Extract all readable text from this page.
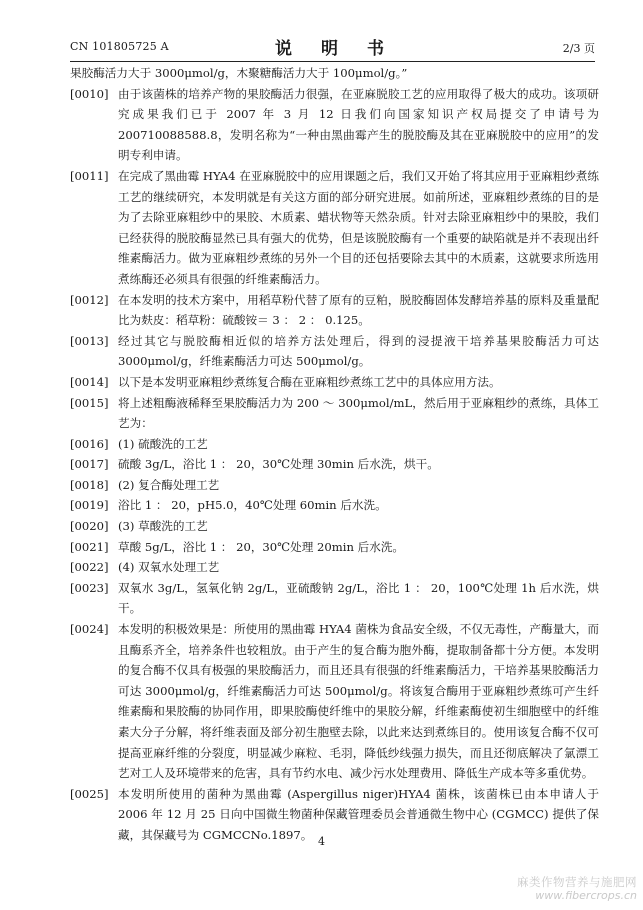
CN 101805725 A	说　明　书	2/3 页

果胶酶活力大于 3000μmol/g，木聚糖酶活力大于 100μmol/g。”

[0010] 由于该菌株的培养产物的果胶酶活力很强，在亚麻脱胶工艺的应用取得了极大的成功。该项研究成果我们已于 2007 年 3 月 12 日我们向国家知识产权局提交了申请号为 200710088588.8，发明名称为“一种由黑曲霉产生的脱胶酶及其在亚麻脱胶中的应用”的发明专利申请。
[0011] 在完成了黑曲霉 HYA4 在亚麻脱胶中的应用课题之后，我们又开始了将其应用于亚麻粗纱煮练工艺的继续研究，本发明就是有关这方面的部分研究进展。如前所述，亚麻粗纱煮练的目的是为了去除亚麻粗纱中的果胶、木质素、蜡状物等天然杂质。针对去除亚麻粗纱中的果胶，我们已经获得的脱胶酶显然已具有强大的优势，但是该脱胶酶有一个重要的缺陷就是并不表现出纤维素酶活力。做为亚麻粗纱煮练的另外一个目的还包括要除去其中的木质素，这就要求所选用煮练酶还必须具有很强的纤维素酶活力。
[0012] 在本发明的技术方案中，用稻草粉代替了原有的豆粕，脱胶酶固体发酵培养基的原料及重量配比为麸皮：稻草粉：硫酸铵＝ 3 ： 2 ： 0.125。
[0013] 经过其它与脱胶酶相近似的培养方法处理后，得到的浸提液干培养基果胶酶活力可达 3000μmol/g，纤维素酶活力可达 500μmol/g。
[0014] 以下是本发明亚麻粗纱煮练复合酶在亚麻粗纱煮练工艺中的具体应用方法。
[0015] 将上述粗酶液稀释至果胶酶活力为 200 ～ 300μmol/mL，然后用于亚麻粗纱的煮练，具体工艺为：
[0016] (1) 硫酸洗的工艺
[0017] 硫酸 3g/L，浴比 1 ： 20，30℃处理 30min 后水洗，烘干。
[0018] (2) 复合酶处理工艺
[0019] 浴比 1 ： 20，pH5.0，40℃处理 60min 后水洗。
[0020] (3) 草酸洗的工艺
[0021] 草酸 5g/L，浴比 1 ： 20，30℃处理 20min 后水洗。
[0022] (4) 双氧水处理工艺
[0023] 双氧水 3g/L，氢氧化钠 2g/L，亚硫酸钠 2g/L，浴比 1 ： 20，100℃处理 1h 后水洗，烘干。
[0024] 本发明的积极效果是：所使用的黑曲霉 HYA4 菌株为食品安全级，不仅无毒性，产酶量大，而且酶系齐全，培养条件也较粗放。由于产生的复合酶为胞外酶，提取制备都十分方便。本发明的复合酶不仅具有极强的果胶酶活力，而且还具有很强的纤维素酶活力，干培养基果胶酶活力可达 3000μmol/g，纤维素酶活力可达 500μmol/g。将该复合酶用于亚麻粗纱煮练可产生纤维素酶和果胶酶的协同作用，即果胶酶使纤维中的果胶分解，纤维素酶使初生细胞壁中的纤维素大分子分解，将纤维表面及部分初生胞壁去除，以此来达到煮练目的。使用该复合酶不仅可提高亚麻纤维的分裂度，明显减少麻粒、毛羽，降低纱线强力损失，而且还彻底解决了氯漂工艺对工人及环境带来的危害，具有节约水电、减少污水处理费用、降低生产成本等多重优势。
[0025] 本发明所使用的菌种为黑曲霉 (Aspergillus niger)HYA4 菌株，该菌株已由本申请人于 2006 年 12 月 25 日向中国微生物菌种保藏管理委员会普通微生物中心 (CGMCC) 提供了保藏，其保藏号为 CGMCCNo.1897。 4
麻类作物营养与施肥网
www.fibercrops.cn
